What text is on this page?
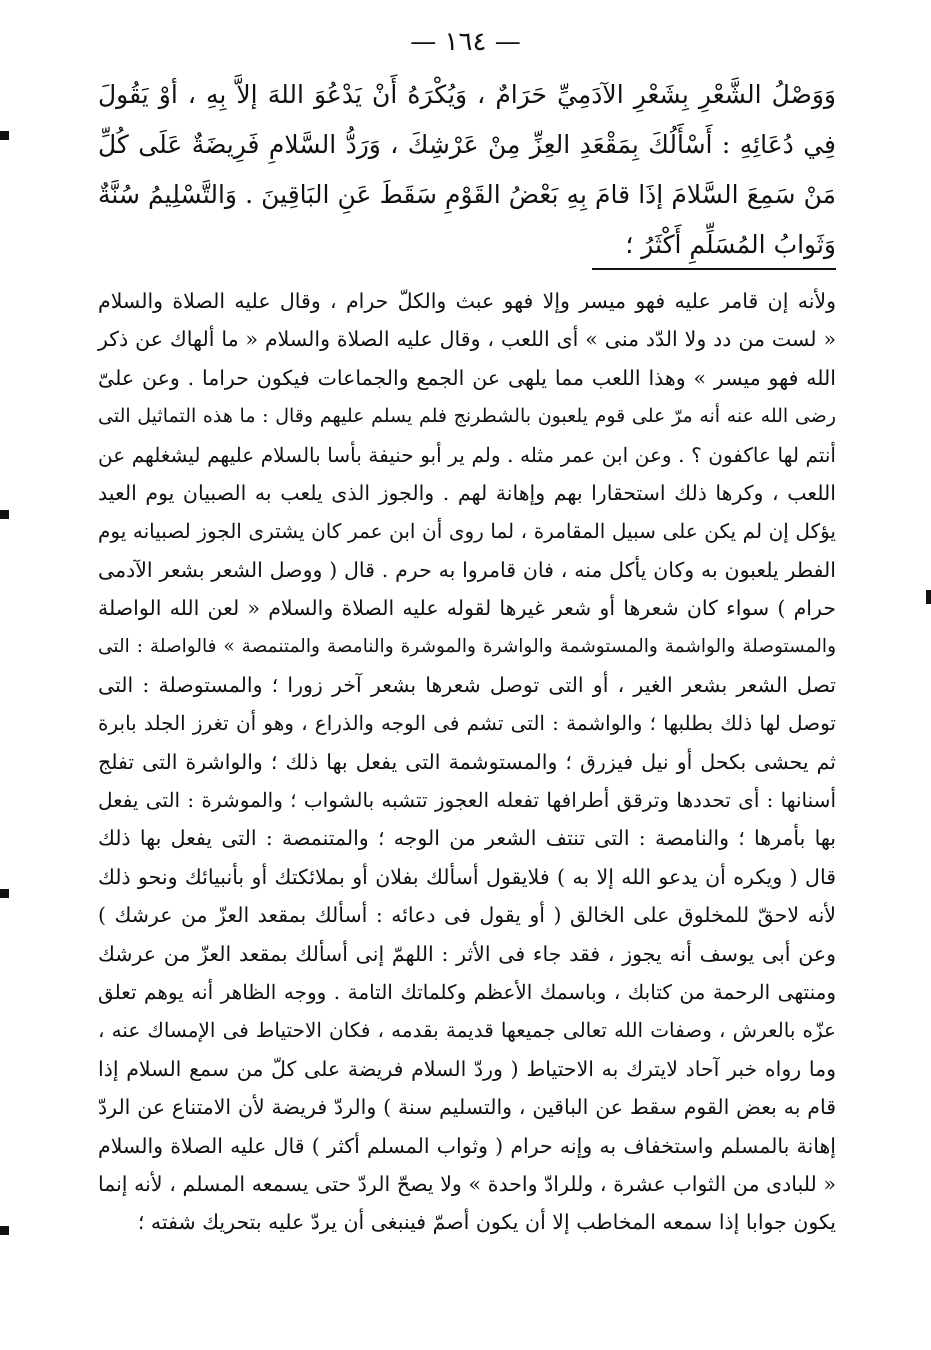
— ١٦٤ —
وَوَصْلُ الشَّعْرِ بِشَعْرِ الآدَمِيِّ حَرَامٌ ، وَيُكْرَهُ أَنْ يَدْعُوَ اللهَ إلاَّ بِهِ ، أوْ يَقُولَ
فِي دُعَائِهِ : أَسْأَلُكَ بِمَقْعَدِ العِزِّ مِنْ عَرْشِكَ ، وَرَدُّ السَّلامِ فَرِيضَةٌ عَلَى كُلِّ
مَنْ سَمِعَ السَّلامَ إذَا قامَ بِهِ بَعْضُ القَوْمِ سَقَطَ عَنِ البَاقِينَ . وَالتَّسْلِيمُ سُنَّةٌ
وَثَوابُ المُسَلِّمِ أَكْثَرُ ؛
ولأنه إن قامر عليه فهو ميسر وإلا فهو عبث والكلّ حرام ، وقال عليه الصلاة والسلام
« لست من دد ولا الدّد منى » أى اللعب ، وقال عليه الصلاة والسلام « ما ألهاك عن ذكر
الله فهو ميسر » وهذا اللعب مما يلهى عن الجمع والجماعات فيكون حراما . وعن علىّ
رضى الله عنه أنه مرّ على قوم يلعبون بالشطرنج فلم يسلم عليهم وقال : ما هذه التماثيل التى
أنتم لها عاكفون ؟ . وعن ابن عمر مثله . ولم ير أبو حنيفة بأسا بالسلام عليهم ليشغلهم عن
اللعب ، وكرها ذلك استحقارا بهم وإهانة لهم . والجوز الذى يلعب به الصبيان يوم العيد
يؤكل إن لم يكن على سبيل المقامرة ، لما روى أن ابن عمر كان يشترى الجوز لصبيانه يوم
الفطر يلعبون به وكان يأكل منه ، فان قامروا به حرم . قال ( ووصل الشعر بشعر الآدمى
حرام ) سواء كان شعرها أو شعر غيرها لقوله عليه الصلاة والسلام « لعن الله الواصلة
والمستوصلة والواشمة والمستوشمة والواشرة والموشرة والنامصة والمتنمصة » فالواصلة : التى
تصل الشعر بشعر الغير ، أو التى توصل شعرها بشعر آخر زورا ؛ والمستوصلة : التى
توصل لها ذلك بطلبها ؛ والواشمة : التى تشم فى الوجه والذراع ، وهو أن تغرز الجلد بابرة
ثم يحشى بكحل أو نيل فيزرق ؛ والمستوشمة التى يفعل بها ذلك ؛ والواشرة التى تفلج
أسنانها : أى تحددها وترقق أطرافها تفعله العجوز تتشبه بالشواب ؛ والموشرة : التى يفعل
بها بأمرها ؛ والنامصة : التى تنتف الشعر من الوجه ؛ والمتنمصة : التى يفعل بها ذلك
قال ( ويكره أن يدعو الله إلا به ) فلايقول أسألك بفلان أو بملائكتك أو بأنبيائك ونحو ذلك
لأنه لاحقّ للمخلوق على الخالق ( أو يقول فى دعائه : أسألك بمقعد العزّ من عرشك )
وعن أبى يوسف أنه يجوز ، فقد جاء فى الأثر : اللهمّ إنى أسألك بمقعد العزّ من عرشك
ومنتهى الرحمة من كتابك ، وباسمك الأعظم وكلماتك التامة . ووجه الظاهر أنه يوهم تعلق
عزّه بالعرش ، وصفات الله تعالى جميعها قديمة بقدمه ، فكان الاحتياط فى الإمساك عنه ،
وما رواه خبر آحاد لايترك به الاحتياط ( وردّ السلام فريضة على كلّ من سمع السلام إذا
قام به بعض القوم سقط عن الباقين ، والتسليم سنة ) والردّ فريضة لأن الامتناع عن الردّ
إهانة بالمسلم واستخفاف به وإنه حرام ( وثواب المسلم أكثر ) قال عليه الصلاة والسلام
« للبادى من الثواب عشرة ، وللرادّ واحدة » ولا يصحّ الردّ حتى يسمعه المسلم ، لأنه إنما
يكون جوابا إذا سمعه المخاطب إلا أن يكون أصمّ فينبغى أن يردّ عليه بتحريك شفته ؛
